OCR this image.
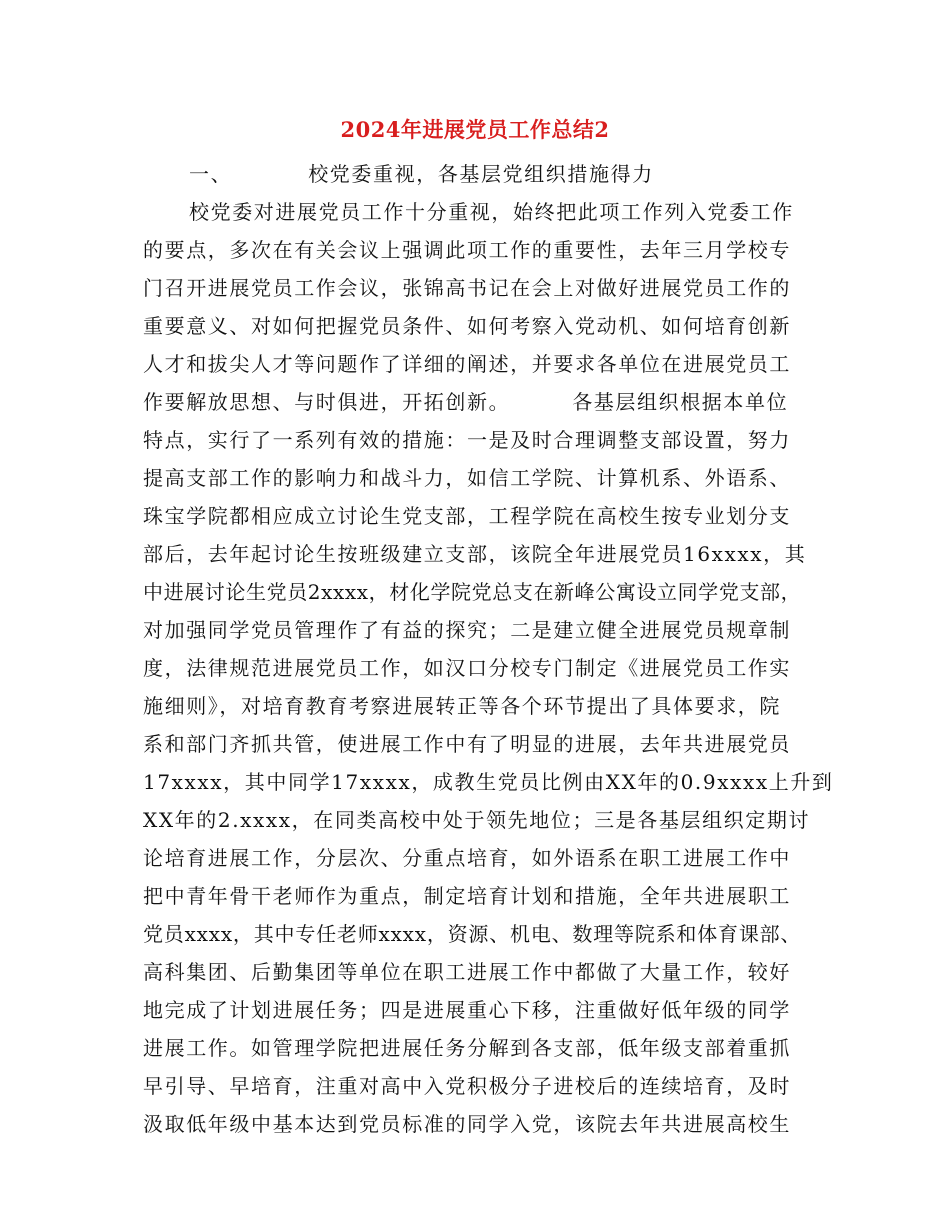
2024年进展党员工作总结2
一、	校党委重视，各基层党组织措施得力
校党委对进展党员工作十分重视，始终把此项工作列入党委工作
的要点，多次在有关会议上强调此项工作的重要性，去年三月学校专
门召开进展党员工作会议，张锦高书记在会上对做好进展党员工作的
重要意义、对如何把握党员条件、如何考察入党动机、如何培育创新
人才和拔尖人才等问题作了详细的阐述，并要求各单位在进展党员工
作要解放思想、与时俱进，开拓创新。	各基层组织根据本单位
特点，实行了一系列有效的措施：一是及时合理调整支部设置，努力
提高支部工作的影响力和战斗力，如信工学院、计算机系、外语系、
珠宝学院都相应成立讨论生党支部，工程学院在高校生按专业划分支
部后，去年起讨论生按班级建立支部，该院全年进展党员16xxxx，其
中进展讨论生党员2xxxx，材化学院党总支在新峰公寓设立同学党支部，
对加强同学党员管理作了有益的探究；二是建立健全进展党员规章制
度，法律规范进展党员工作，如汉口分校专门制定《进展党员工作实
施细则》，对培育教育考察进展转正等各个环节提出了具体要求，院
系和部门齐抓共管，使进展工作中有了明显的进展，去年共进展党员
17xxxx，其中同学17xxxx，成教生党员比例由XX年的0.9xxxx上升到
XX年的2.xxxx，在同类高校中处于领先地位；三是各基层组织定期讨
论培育进展工作，分层次、分重点培育，如外语系在职工进展工作中
把中青年骨干老师作为重点，制定培育计划和措施，全年共进展职工
党员xxxx，其中专任老师xxxx，资源、机电、数理等院系和体育课部、
高科集团、后勤集团等单位在职工进展工作中都做了大量工作，较好
地完成了计划进展任务；四是进展重心下移，注重做好低年级的同学
进展工作。如管理学院把进展任务分解到各支部，低年级支部着重抓
早引导、早培育，注重对高中入党积极分子进校后的连续培育，及时
汲取低年级中基本达到党员标准的同学入党，该院去年共进展高校生
